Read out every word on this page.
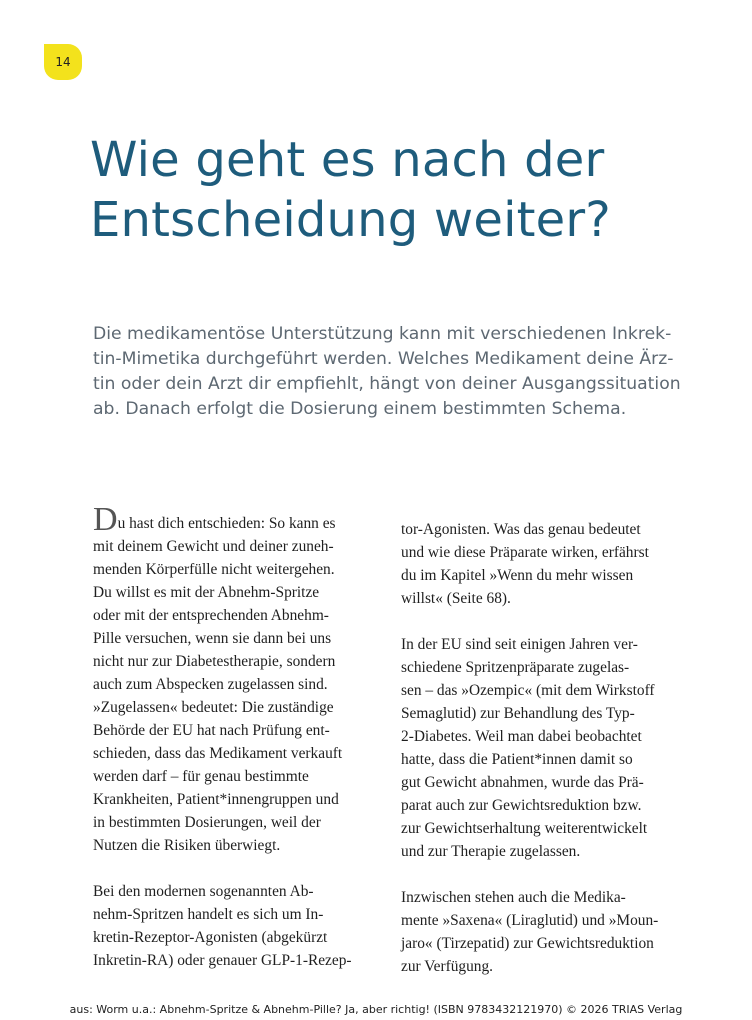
14
Wie geht es nach der
Entscheidung weiter?
Die medikamentöse Unterstützung kann mit verschiedenen Inkrek-
tin-Mimetika durchgeführt werden. Welches Medikament deine Ärz-
tin oder dein Arzt dir empfiehlt, hängt von deiner Ausgangssituation
ab. Danach erfolgt die Dosierung einem bestimmten Schema.
Du hast dich entschieden: So kann es
mit deinem Gewicht und deiner zuneh-
menden Körperfülle nicht weitergehen.
Du willst es mit der Abnehm-Spritze
oder mit der entsprechenden Abnehm-
Pille versuchen, wenn sie dann bei uns
nicht nur zur Diabetestherapie, sondern
auch zum Abspecken zugelassen sind.
»Zugelassen« bedeutet: Die zuständige
Behörde der EU hat nach Prüfung ent-
schieden, dass das Medikament verkauft
werden darf – für genau bestimmte
Krankheiten, Patient*innengruppen und
in bestimmten Dosierungen, weil der
Nutzen die Risiken überwiegt.
Bei den modernen sogenannten Ab-
nehm-Spritzen handelt es sich um In-
kretin-Rezeptor-Agonisten (abgekürzt
Inkretin-RA) oder genauer GLP-1-Rezep-
tor-Agonisten. Was das genau bedeutet
und wie diese Präparate wirken, erfährst
du im Kapitel »Wenn du mehr wissen
willst« (Seite 68).
In der EU sind seit einigen Jahren ver-
schiedene Spritzenpräparate zugelas-
sen – das »Ozempic« (mit dem Wirkstoff
Semaglutid) zur Behandlung des Typ-
2-Diabetes. Weil man dabei beobachtet
hatte, dass die Patient*innen damit so
gut Gewicht abnahmen, wurde das Prä-
parat auch zur Gewichtsreduktion bzw.
zur Gewichtserhaltung weiterentwickelt
und zur Therapie zugelassen.
Inzwischen stehen auch die Medika-
mente »Saxena« (Liraglutid) und »Moun-
jaro« (Tirzepatid) zur Gewichtsreduktion
zur Verfügung.
aus: Worm u.a.: Abnehm-Spritze & Abnehm-Pille? Ja, aber richtig! (ISBN 9783432121970) © 2026 TRIAS Verlag
